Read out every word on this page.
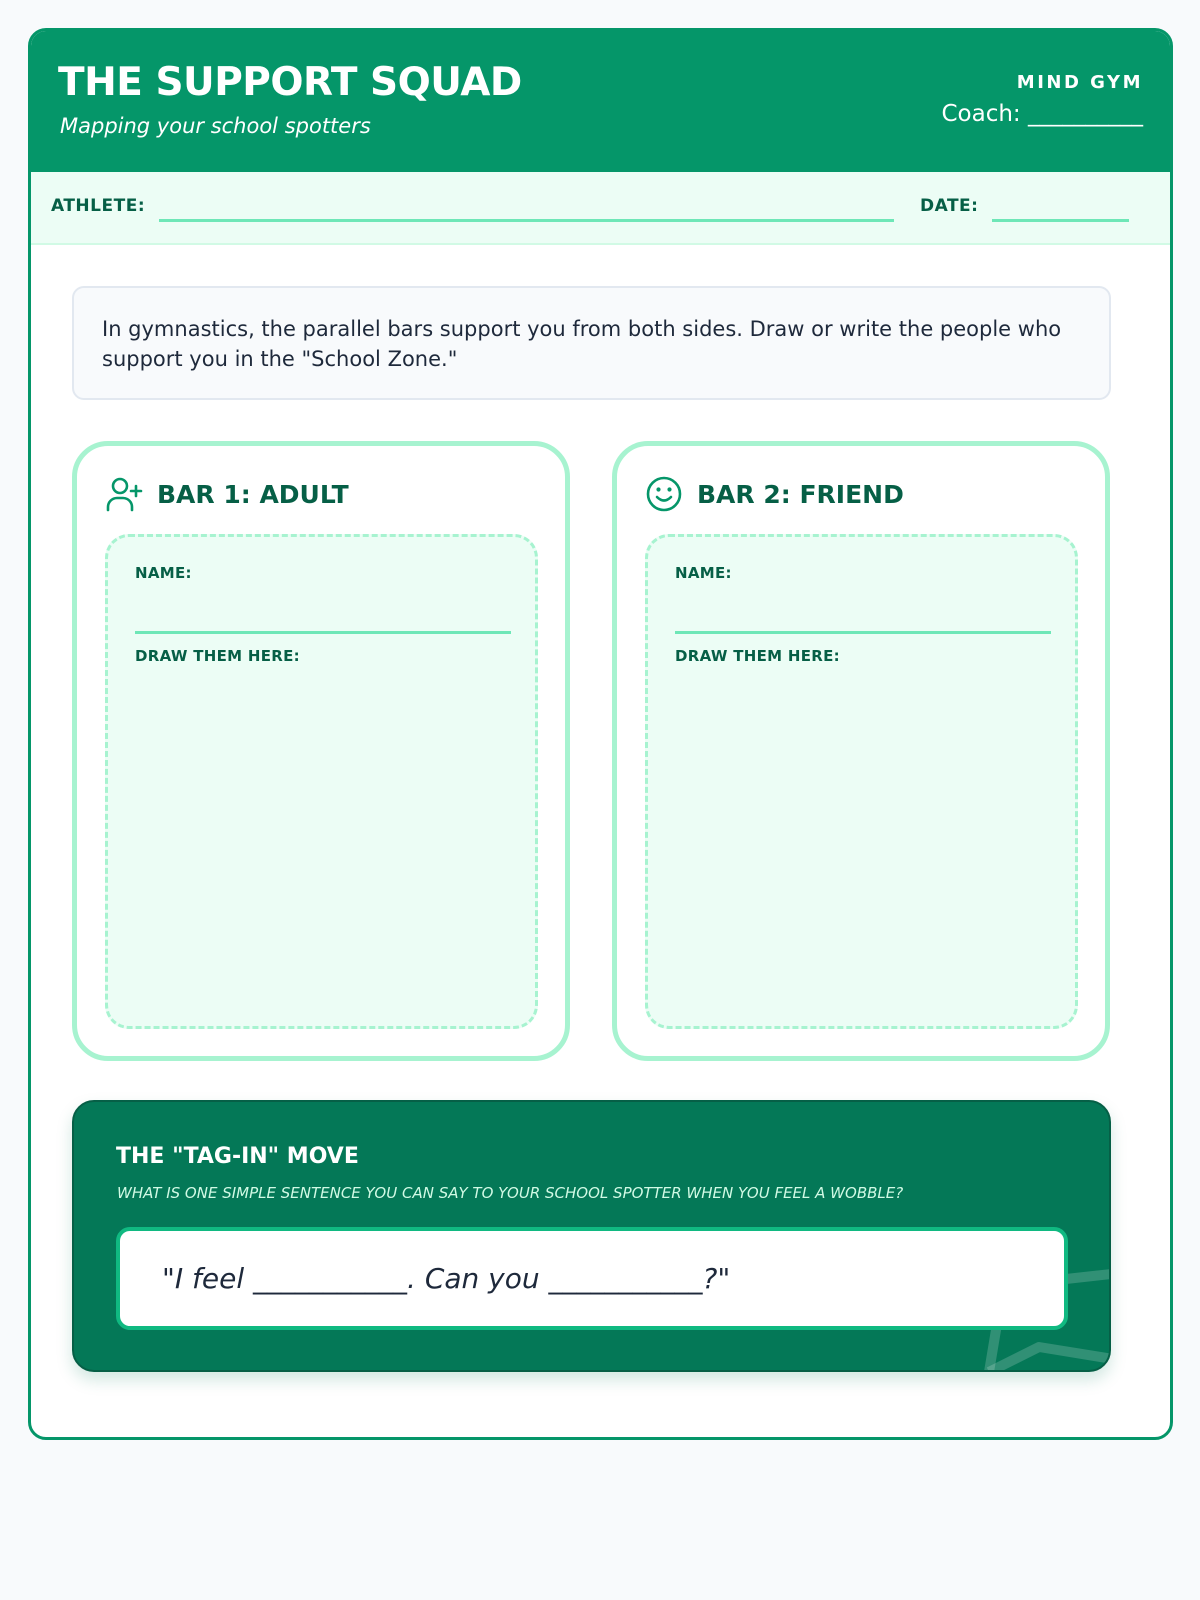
THE SUPPORT SQUAD
Mapping your school spotters
MIND GYM
Coach: __________
ATHLETE:	DATE:
In gymnastics, the parallel bars support you from both sides. Draw or write the people who support you in the "School Zone."
BAR 1: ADULT
NAME:
DRAW THEM HERE:
BAR 2: FRIEND
NAME:
DRAW THEM HERE:
THE "TAG-IN" MOVE
WHAT IS ONE SIMPLE SENTENCE YOU CAN SAY TO YOUR SCHOOL SPOTTER WHEN YOU FEEL A WOBBLE?
"I feel ___________. Can you ___________?"
